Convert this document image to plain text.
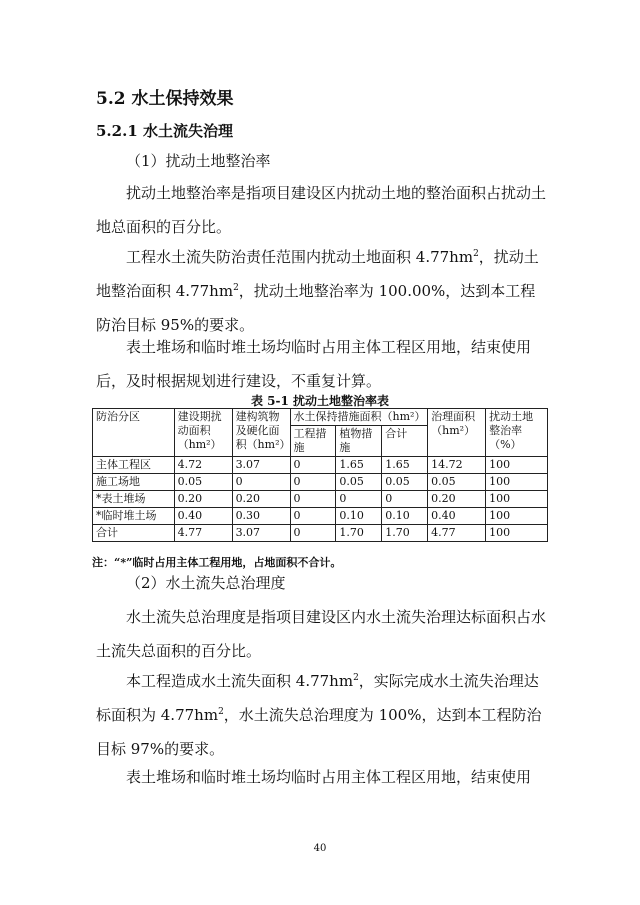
5.2 水土保持效果
5.2.1 水土流失治理
（1）扰动土地整治率
扰动土地整治率是指项目建设区内扰动土地的整治面积占扰动土地总面积的百分比。
工程水土流失防治责任范围内扰动土地面积 $4.77hm^2$，扰动土地整治面积 $4.77hm^2$，扰动土地整治率为 100.00%，达到本工程防治目标 95%的要求。
表土堆场和临时堆土场均临时占用主体工程区用地，结束使用后，及时根据规划进行建设，不重复计算。
表 5-1 扰动土地整治率表
防治分区	建设期扰动面积（hm²）	建构筑物及硬化面积（hm²）	水土保持措施面积（hm²）			治理面积（hm²）	扰动土地整治率（%）
			工程措施	植物措施	合计		
主体工程区	4.72	3.07	0	1.65	1.65	14.72	100
施工场地	0.05	0	0	0.05	0.05	0.05	100
*表土堆场	0.20	0.20	0	0	0	0.20	100
*临时堆土场	0.40	0.30	0	0.10	0.10	0.40	100
合计	4.77	3.07	0	1.70	1.70	4.77	100
注：“*”临时占用主体工程用地，占地面积不合计。
（2）水土流失总治理度
水土流失总治理度是指项目建设区内水土流失治理达标面积占水土流失总面积的百分比。
本工程造成水土流失面积 $4.77hm^2$，实际完成水土流失治理达标面积为 $4.77hm^2$，水土流失总治理度为 100%，达到本工程防治目标 97%的要求。
表土堆场和临时堆土场均临时占用主体工程区用地，结束使用
40
